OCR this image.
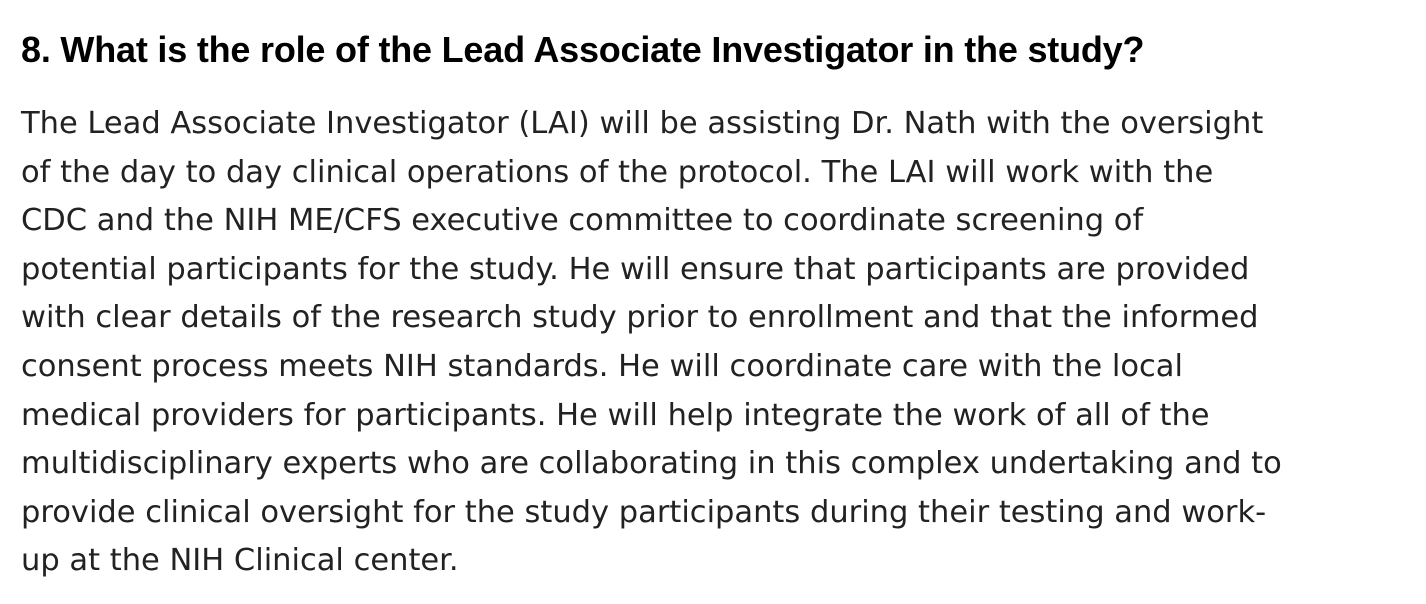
8. What is the role of the Lead Associate Investigator in the study?

The Lead Associate Investigator (LAI) will be assisting Dr. Nath with the oversight
of the day to day clinical operations of the protocol. The LAI will work with the
CDC and the NIH ME/CFS executive committee to coordinate screening of
potential participants for the study. He will ensure that participants are provided
with clear details of the research study prior to enrollment and that the informed
consent process meets NIH standards. He will coordinate care with the local
medical providers for participants. He will help integrate the work of all of the
multidisciplinary experts who are collaborating in this complex undertaking and to
provide clinical oversight for the study participants during their testing and work-
up at the NIH Clinical center.
